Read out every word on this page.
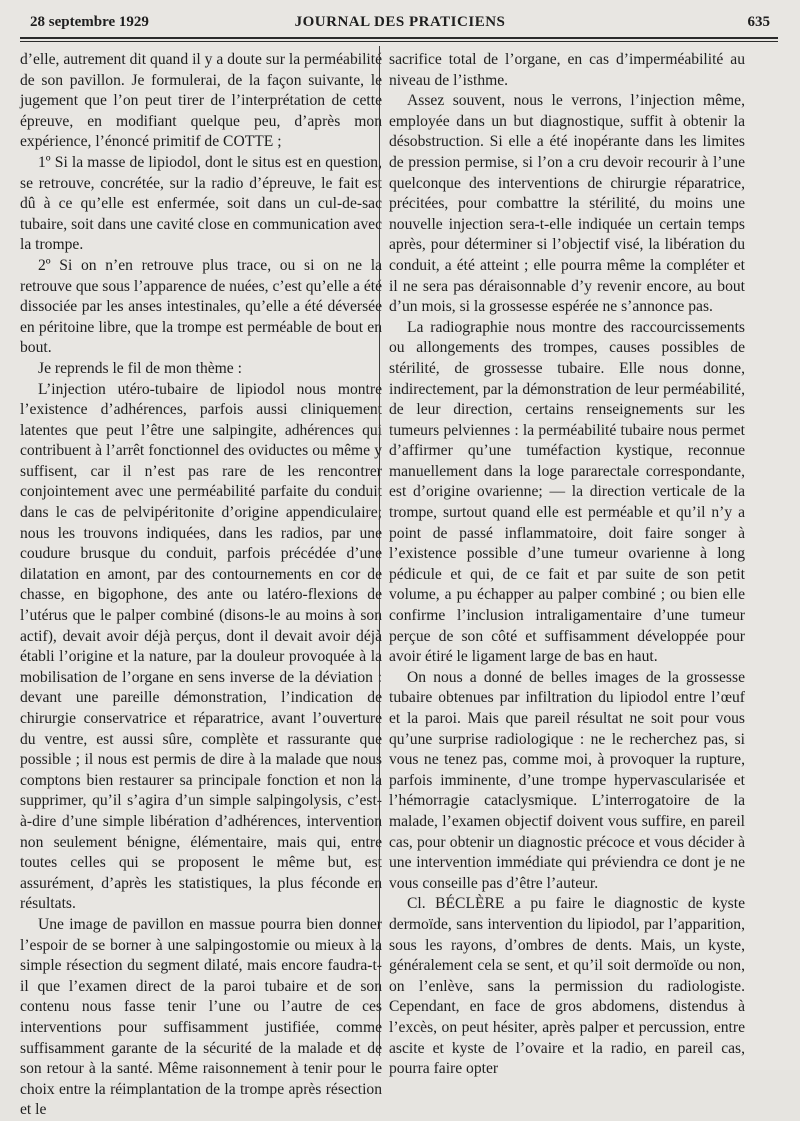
28 septembre 1929	JOURNAL DES PRATICIENS	635

d’elle, autrement dit quand il y a doute sur la perméabilité de son pavillon. Je formulerai, de la façon suivante, le jugement que l’on peut tirer de l’interprétation de cette épreuve, en modifiant quelque peu, d’après mon expérience, l’énoncé primitif de COTTE ;

1º Si la masse de lipiodol, dont le situs est en question, se retrouve, concrétée, sur la radio d’épreuve, le fait est dû à ce qu’elle est enfermée, soit dans un cul-de-sac tubaire, soit dans une cavité close en communication avec la trompe.

2º Si on n’en retrouve plus trace, ou si on ne la retrouve que sous l’apparence de nuées, c’est qu’elle a été dissociée par les anses intestinales, qu’elle a été déversée en péritoine libre, que la trompe est perméable de bout en bout.

Je reprends le fil de mon thème :

L’injection utéro-tubaire de lipiodol nous montre l’existence d’adhérences, parfois aussi cliniquement latentes que peut l’être une salpingite, adhérences qui contribuent à l’arrêt fonctionnel des oviductes ou même y suffisent, car il n’est pas rare de les rencontrer conjointement avec une perméabilité parfaite du conduit dans le cas de pelvipéritonite d’origine appendiculaire; nous les trouvons indiquées, dans les radios, par une coudure brusque du conduit, parfois précédée d’une dilatation en amont, par des contournements en cor de chasse, en bigophone, des ante ou latéro-flexions de l’utérus que le palper combiné (disons-le au moins à son actif), devait avoir déjà perçus, dont il devait avoir déjà établi l’origine et la nature, par la douleur provoquée à la mobilisation de l’organe en sens inverse de la déviation : devant une pareille démonstration, l’indication de chirurgie conservatrice et réparatrice, avant l’ouverture du ventre, est aussi sûre, complète et rassurante que possible ; il nous est permis de dire à la malade que nous comptons bien restaurer sa principale fonction et non la supprimer, qu’il s’agira d’un simple salpingolysis, c’est-à-dire d’une simple libération d’adhérences, intervention non seulement bénigne, élémentaire, mais qui, entre toutes celles qui se proposent le même but, est assurément, d’après les statistiques, la plus féconde en résultats.

Une image de pavillon en massue pourra bien donner l’espoir de se borner à une salpingostomie ou mieux à la simple résection du segment dilaté, mais encore faudra-t-il que l’examen direct de la paroi tubaire et de son contenu nous fasse tenir l’une ou l’autre de ces interventions pour suffisamment justifiée, comme suffisamment garante de la sécurité de la malade et de son retour à la santé. Même raisonnement à tenir pour le choix entre la réimplantation de la trompe après résection et le

sacrifice total de l’organe, en cas d’imperméabilité au niveau de l’isthme.

Assez souvent, nous le verrons, l’injection même, employée dans un but diagnostique, suffit à obtenir la désobstruction. Si elle a été inopérante dans les limites de pression permise, si l’on a cru devoir recourir à l’une quelconque des interventions de chirurgie réparatrice, précitées, pour combattre la stérilité, du moins une nouvelle injection sera-t-elle indiquée un certain temps après, pour déterminer si l’objectif visé, la libération du conduit, a été atteint ; elle pourra même la compléter et il ne sera pas déraisonnable d’y revenir encore, au bout d’un mois, si la grossesse espérée ne s’annonce pas.

La radiographie nous montre des raccourcissements ou allongements des trompes, causes possibles de stérilité, de grossesse tubaire. Elle nous donne, indirectement, par la démonstration de leur perméabilité, de leur direction, certains renseignements sur les tumeurs pelviennes : la perméabilité tubaire nous permet d’affirmer qu’une tuméfaction kystique, reconnue manuellement dans la loge pararectale correspondante, est d’origine ovarienne; — la direction verticale de la trompe, surtout quand elle est perméable et qu’il n’y a point de passé inflammatoire, doit faire songer à l’existence possible d’une tumeur ovarienne à long pédicule et qui, de ce fait et par suite de son petit volume, a pu échapper au palper combiné ; ou bien elle confirme l’inclusion intraligamentaire d’une tumeur perçue de son côté et suffisamment développée pour avoir étiré le ligament large de bas en haut.

On nous a donné de belles images de la grossesse tubaire obtenues par infiltration du lipiodol entre l’œuf et la paroi. Mais que pareil résultat ne soit pour vous qu’une surprise radiologique : ne le recherchez pas, si vous ne tenez pas, comme moi, à provoquer la rupture, parfois imminente, d’une trompe hypervascularisée et l’hémorragie cataclysmique. L’interrogatoire de la malade, l’examen objectif doivent vous suffire, en pareil cas, pour obtenir un diagnostic précoce et vous décider à une intervention immédiate qui préviendra ce dont je ne vous conseille pas d’être l’auteur.

Cl. BÉCLÈRE a pu faire le diagnostic de kyste dermoïde, sans intervention du lipiodol, par l’apparition, sous les rayons, d’ombres de dents. Mais, un kyste, généralement cela se sent, et qu’il soit dermoïde ou non, on l’enlève, sans la permission du radiologiste. Cependant, en face de gros abdomens, distendus à l’excès, on peut hésiter, après palper et percussion, entre ascite et kyste de l’ovaire et la radio, en pareil cas, pourra faire opter
